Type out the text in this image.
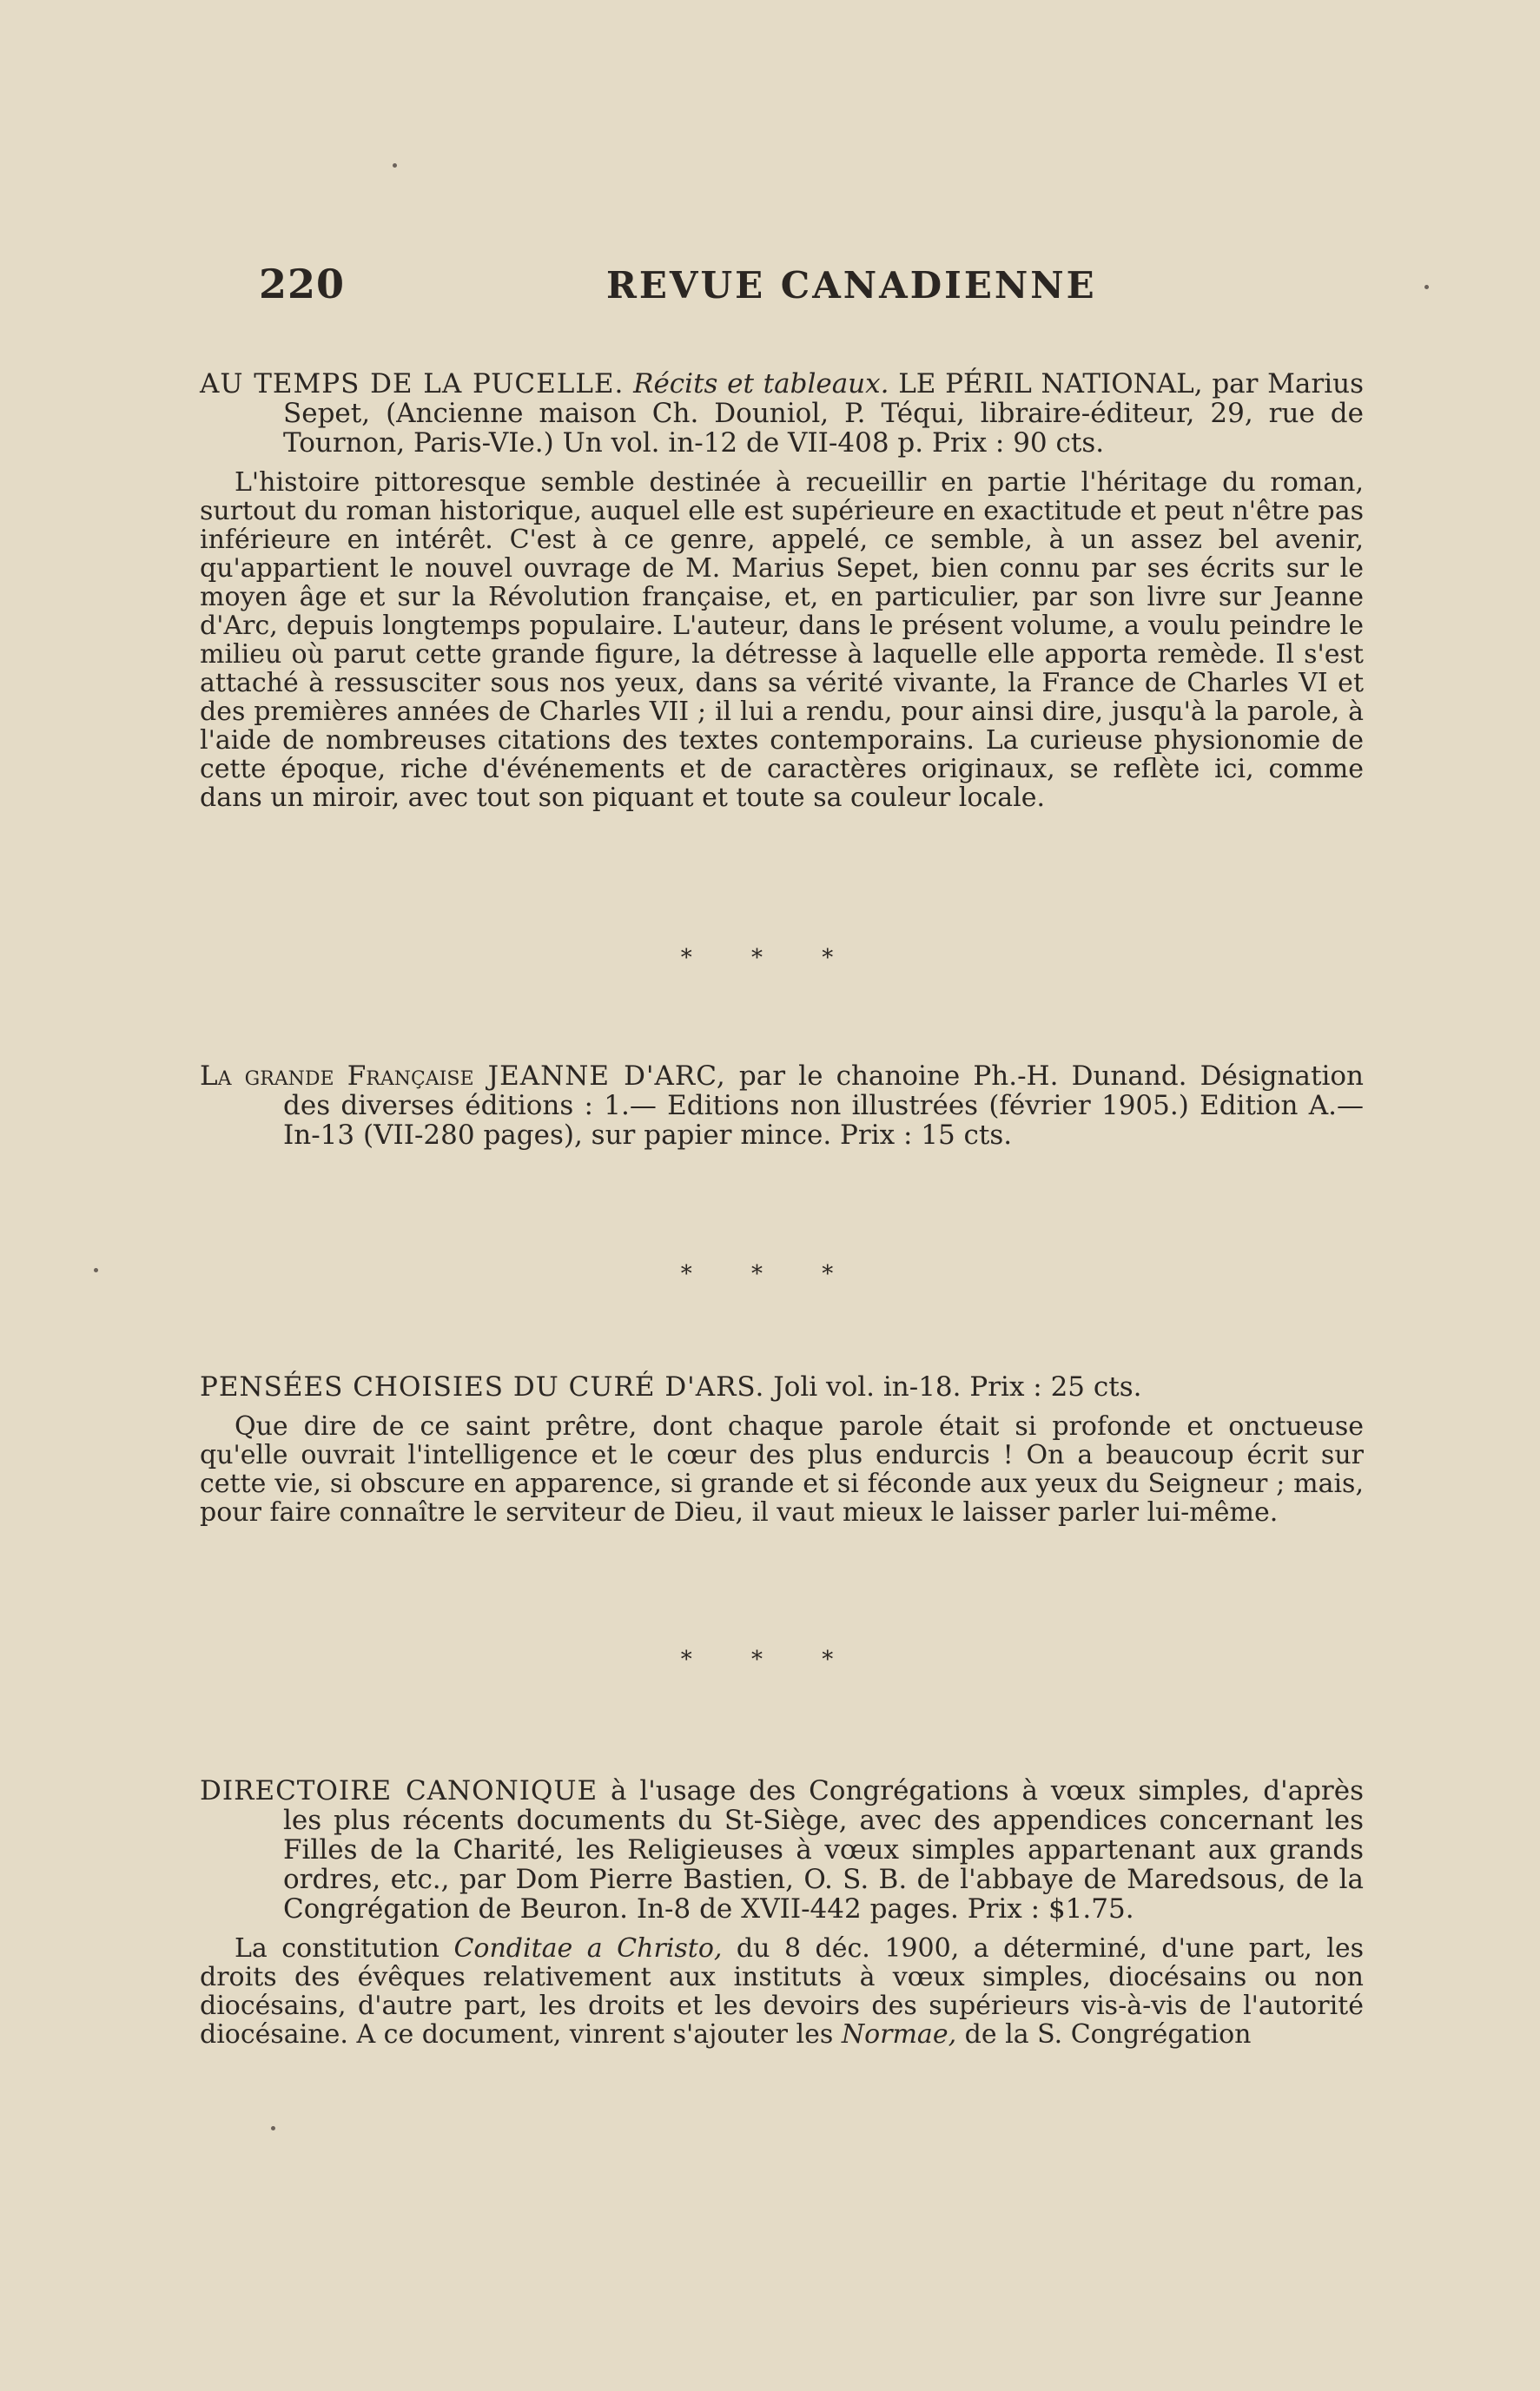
220	REVUE CANADIENNE
AU TEMPS DE LA PUCELLE. Récits et tableaux. LE PÉRIL NATIONAL, par Marius Sepet, (Ancienne maison Ch. Douniol, P. Téqui, libraire-éditeur, 29, rue de Tournon, Paris-VIe.) Un vol. in-12 de VII-408 p. Prix : 90 cts.
L'histoire pittoresque semble destinée à recueillir en partie l'héritage du roman, surtout du roman historique, auquel elle est supérieure en exactitude et peut n'être pas inférieure en intérêt. C'est à ce genre, appelé, ce semble, à un assez bel avenir, qu'appartient le nouvel ouvrage de M. Marius Sepet, bien connu par ses écrits sur le moyen âge et sur la Révolution française, et, en particulier, par son livre sur Jeanne d'Arc, depuis longtemps populaire. L'auteur, dans le présent volume, a voulu peindre le milieu où parut cette grande figure, la détresse à laquelle elle apporta remède. Il s'est attaché à ressusciter sous nos yeux, dans sa vérité vivante, la France de Charles VI et des premières années de Charles VII ; il lui a rendu, pour ainsi dire, jusqu'à la parole, à l'aide de nombreuses citations des textes contemporains. La curieuse physionomie de cette époque, riche d'événements et de caractères originaux, se reflète ici, comme dans un miroir, avec tout son piquant et toute sa couleur locale.
* * *
La grande Française JEANNE D'ARC, par le chanoine Ph.-H. Dunand. Désignation des diverses éditions : 1.— Editions non illustrées (février 1905.) Edition A.—In-13 (VII-280 pages), sur papier mince. Prix : 15 cts.
* * *
PENSÉES CHOISIES DU CURÉ D'ARS. Joli vol. in-18. Prix : 25 cts.
Que dire de ce saint prêtre, dont chaque parole était si profonde et onctueuse qu'elle ouvrait l'intelligence et le cœur des plus endurcis ! On a beaucoup écrit sur cette vie, si obscure en apparence, si grande et si féconde aux yeux du Seigneur ; mais, pour faire connaître le serviteur de Dieu, il vaut mieux le laisser parler lui-même.
* * *
DIRECTOIRE CANONIQUE à l'usage des Congrégations à vœux simples, d'après les plus récents documents du St-Siège, avec des appendices concernant les Filles de la Charité, les Religieuses à vœux simples appartenant aux grands ordres, etc., par Dom Pierre Bastien, O. S. B. de l'abbaye de Maredsous, de la Congrégation de Beuron. In-8 de XVII-442 pages. Prix : $1.75.
La constitution Conditae a Christo, du 8 déc. 1900, a déterminé, d'une part, les droits des évêques relativement aux instituts à vœux simples, diocésains ou non diocésains, d'autre part, les droits et les devoirs des supérieurs vis-à-vis de l'autorité diocésaine. A ce document, vinrent s'ajouter les Normae, de la S. Congrégation
